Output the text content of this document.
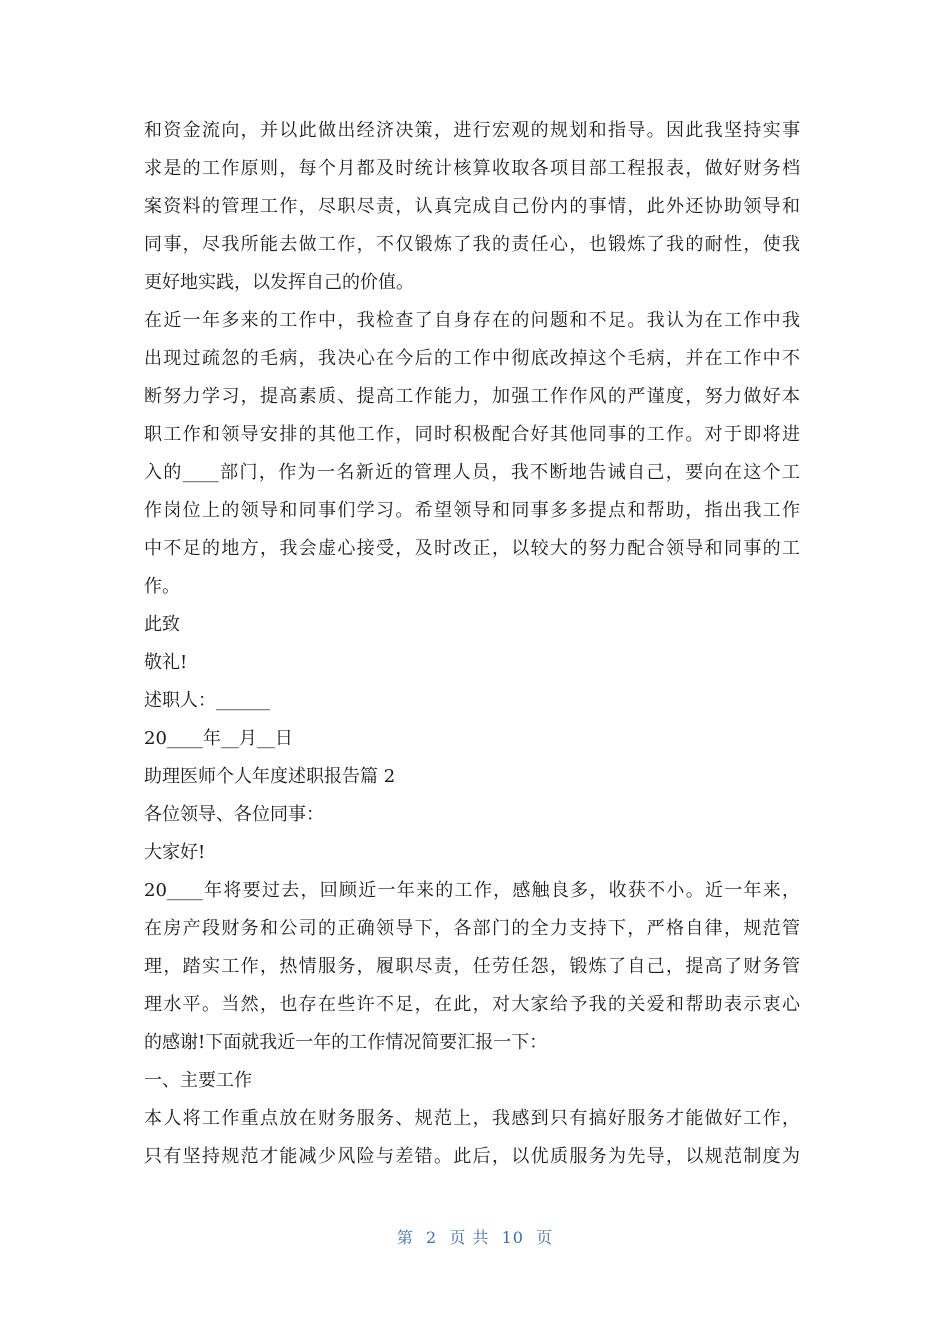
和资金流向，并以此做出经济决策，进行宏观的规划和指导。因此我坚持实事
求是的工作原则，每个月都及时统计核算收取各项目部工程报表，做好财务档
案资料的管理工作，尽职尽责，认真完成自己份内的事情，此外还协助领导和
同事，尽我所能去做工作，不仅锻炼了我的责任心，也锻炼了我的耐性，使我
更好地实践，以发挥自己的价值。
在近一年多来的工作中，我检查了自身存在的问题和不足。我认为在工作中我
出现过疏忽的毛病，我决心在今后的工作中彻底改掉这个毛病，并在工作中不
断努力学习，提高素质、提高工作能力，加强工作作风的严谨度，努力做好本
职工作和领导安排的其他工作，同时积极配合好其他同事的工作。对于即将进
入的____部门，作为一名新近的管理人员，我不断地告诫自己，要向在这个工
作岗位上的领导和同事们学习。希望领导和同事多多提点和帮助，指出我工作
中不足的地方，我会虚心接受，及时改正，以较大的努力配合领导和同事的工
作。
此致
敬礼!
述职人：______
20____年__月__日
助理医师个人年度述职报告篇 2
各位领导、各位同事：
大家好!
20____年将要过去，回顾近一年来的工作，感触良多，收获不小。近一年来，
在房产段财务和公司的正确领导下，各部门的全力支持下，严格自律，规范管
理，踏实工作，热情服务，履职尽责，任劳任怨，锻炼了自己，提高了财务管
理水平。当然，也存在些许不足，在此，对大家给予我的关爱和帮助表示衷心
的感谢!下面就我近一年的工作情况简要汇报一下：
一、主要工作
本人将工作重点放在财务服务、规范上，我感到只有搞好服务才能做好工作，
只有坚持规范才能减少风险与差错。此后，以优质服务为先导，以规范制度为
第  2  页 共  10  页
